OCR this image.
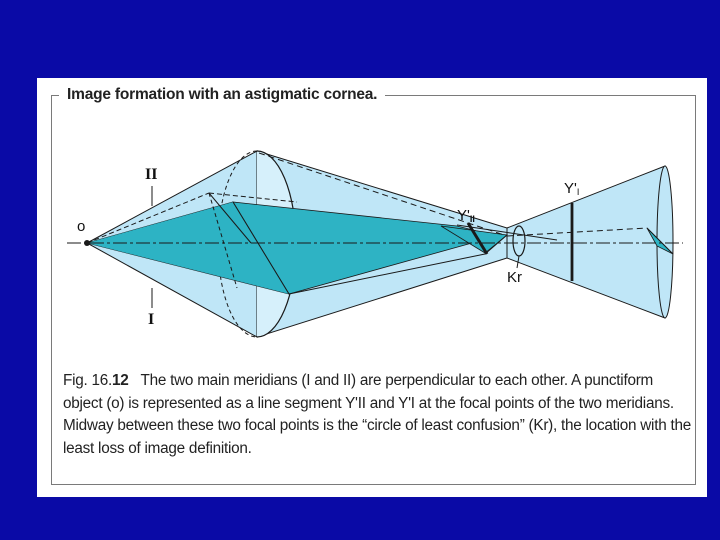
Image formation with an astigmatic cornea.
o
II
I
Y'II
Y'I
Kr

Fig. 16.12 The two main meridians (I and II) are perpendicular to each other. A punctiform object (o) is represented as a line segment Y'II and Y'I at the focal points of the two meridians. Midway between these two focal points is the “circle of least confusion” (Kr), the location with the least loss of image definition.
